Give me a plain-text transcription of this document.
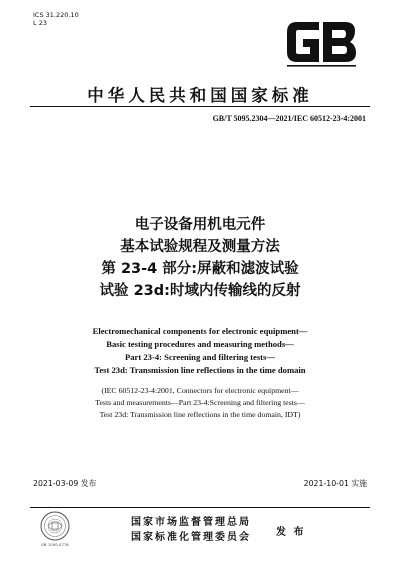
ICS 31.220.10
L 23
中华人民共和国国家标准
GB/T 5095.2304—2021/IEC 60512-23-4:2001
电子设备用机电元件
基本试验规程及测量方法
第 23-4 部分:屏蔽和滤波试验
试验 23d:时域内传输线的反射
Electromechanical components for electronic equipment—
Basic testing procedures and measuring methods—
Part 23-4: Screening and filtering tests—
Test 23d: Transmission line reflections in the time domain
(IEC 60512-23-4:2001, Connectors for electronic equipment—
Tests and measurements—Part 23-4:Screening and filtering tests—
Test 23d: Transmission line reflections in the time domain, IDT)
2021-03-09 发布	2021-10-01 实施
GB 1000-0776
国家市场监督管理总局
国家标准化管理委员会	发 布
